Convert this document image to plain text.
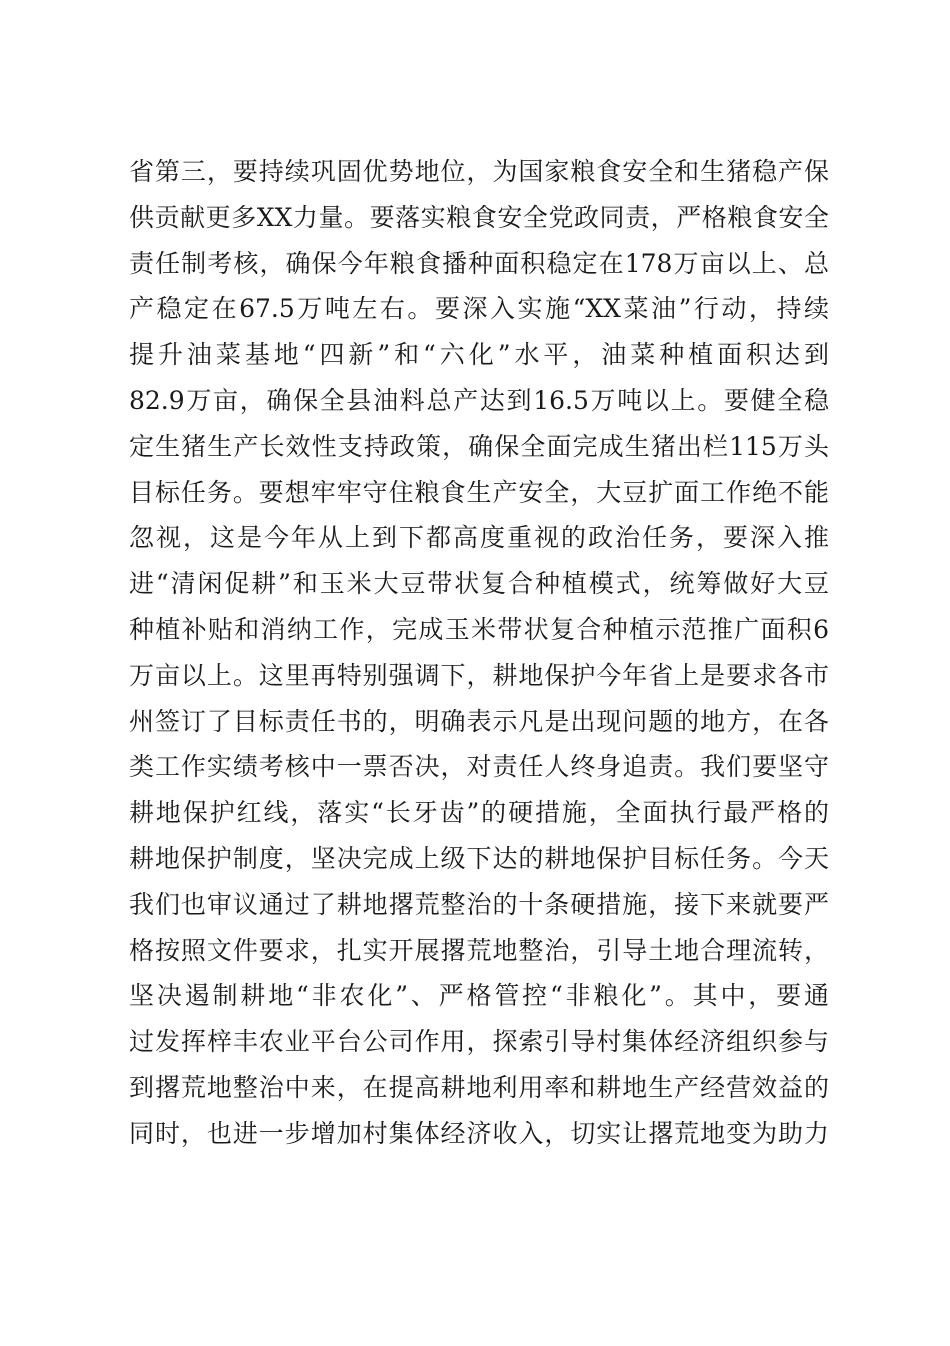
省第三，要持续巩固优势地位，为国家粮食安全和生猪稳产保
供贡献更多XX力量。要落实粮食安全党政同责，严格粮食安全
责任制考核，确保今年粮食播种面积稳定在178万亩以上、总
产稳定在67.5万吨左右。要深入实施“XX菜油”行动，持续
提升油菜基地“四新”和“六化”水平，油菜种植面积达到
82.9万亩，确保全县油料总产达到16.5万吨以上。要健全稳
定生猪生产长效性支持政策，确保全面完成生猪出栏115万头
目标任务。要想牢牢守住粮食生产安全，大豆扩面工作绝不能
忽视，这是今年从上到下都高度重视的政治任务，要深入推
进“清闲促耕”和玉米大豆带状复合种植模式，统筹做好大豆
种植补贴和消纳工作，完成玉米带状复合种植示范推广面积6
万亩以上。这里再特别强调下，耕地保护今年省上是要求各市
州签订了目标责任书的，明确表示凡是出现问题的地方，在各
类工作实绩考核中一票否决，对责任人终身追责。我们要坚守
耕地保护红线，落实“长牙齿”的硬措施，全面执行最严格的
耕地保护制度，坚决完成上级下达的耕地保护目标任务。今天
我们也审议通过了耕地撂荒整治的十条硬措施，接下来就要严
格按照文件要求，扎实开展撂荒地整治，引导土地合理流转，
坚决遏制耕地“非农化”、严格管控“非粮化”。其中，要通
过发挥梓丰农业平台公司作用，探索引导村集体经济组织参与
到撂荒地整治中来，在提高耕地利用率和耕地生产经营效益的
同时，也进一步增加村集体经济收入，切实让撂荒地变为助力
